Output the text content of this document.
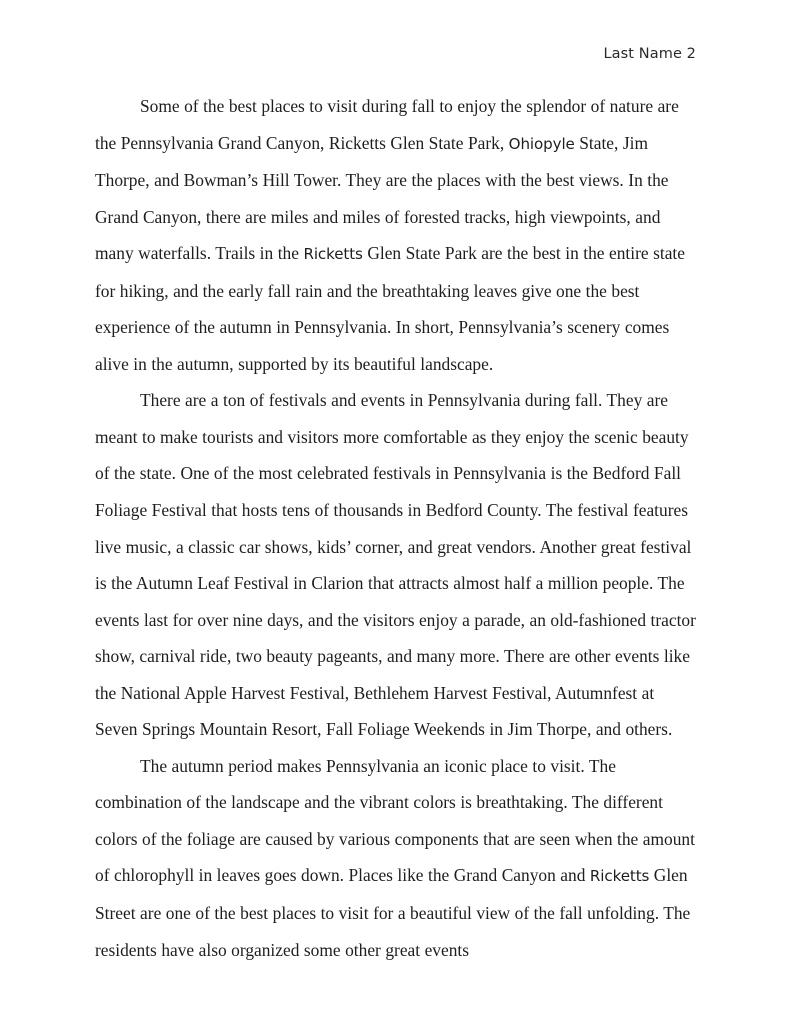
Last Name 2

Some of the best places to visit during fall to enjoy the splendor of nature are the Pennsylvania Grand Canyon, Ricketts Glen State Park, Ohiopyle State, Jim Thorpe, and Bowman’s Hill Tower. They are the places with the best views. In the Grand Canyon, there are miles and miles of forested tracks, high viewpoints, and many waterfalls. Trails in the Ricketts Glen State Park are the best in the entire state for hiking, and the early fall rain and the breathtaking leaves give one the best experience of the autumn in Pennsylvania. In short, Pennsylvania’s scenery comes alive in the autumn, supported by its beautiful landscape.

There are a ton of festivals and events in Pennsylvania during fall. They are meant to make tourists and visitors more comfortable as they enjoy the scenic beauty of the state. One of the most celebrated festivals in Pennsylvania is the Bedford Fall Foliage Festival that hosts tens of thousands in Bedford County. The festival features live music, a classic car shows, kids’ corner, and great vendors. Another great festival is the Autumn Leaf Festival in Clarion that attracts almost half a million people. The events last for over nine days, and the visitors enjoy a parade, an old-fashioned tractor show, carnival ride, two beauty pageants, and many more. There are other events like the National Apple Harvest Festival, Bethlehem Harvest Festival, Autumnfest at Seven Springs Mountain Resort, Fall Foliage Weekends in Jim Thorpe, and others.

The autumn period makes Pennsylvania an iconic place to visit. The combination of the landscape and the vibrant colors is breathtaking. The different colors of the foliage are caused by various components that are seen when the amount of chlorophyll in leaves goes down. Places like the Grand Canyon and Ricketts Glen Street are one of the best places to visit for a beautiful view of the fall unfolding. The residents have also organized some other great events
